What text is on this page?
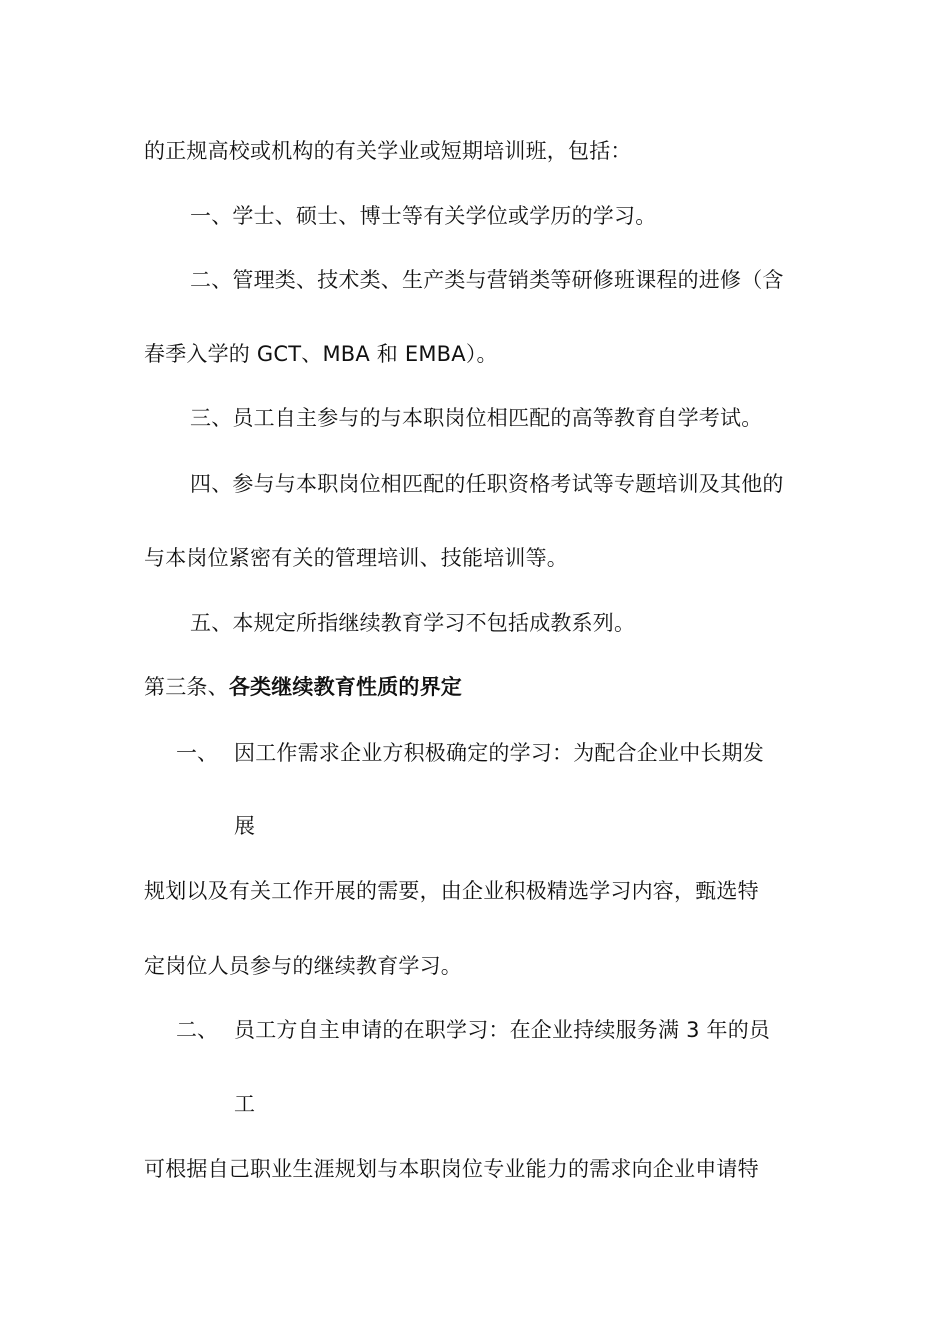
的正规高校或机构的有关学业或短期培训班，包括：
一、学士、硕士、博士等有关学位或学历的学习。
二、管理类、技术类、生产类与营销类等研修班课程的进修（含
春季入学的 GCT、MBA 和 EMBA）。
三、员工自主参与的与本职岗位相匹配的高等教育自学考试。
四、参与与本职岗位相匹配的任职资格考试等专题培训及其他的
与本岗位紧密有关的管理培训、技能培训等。
五、本规定所指继续教育学习不包括成教系列。
第三条、各类继续教育性质的界定
一、 因工作需求企业方积极确定的学习：为配合企业中长期发
展
规划以及有关工作开展的需要，由企业积极精选学习内容，甄选特
定岗位人员参与的继续教育学习。
二、 员工方自主申请的在职学习：在企业持续服务满 3 年的员
工
可根据自己职业生涯规划与本职岗位专业能力的需求向企业申请特
